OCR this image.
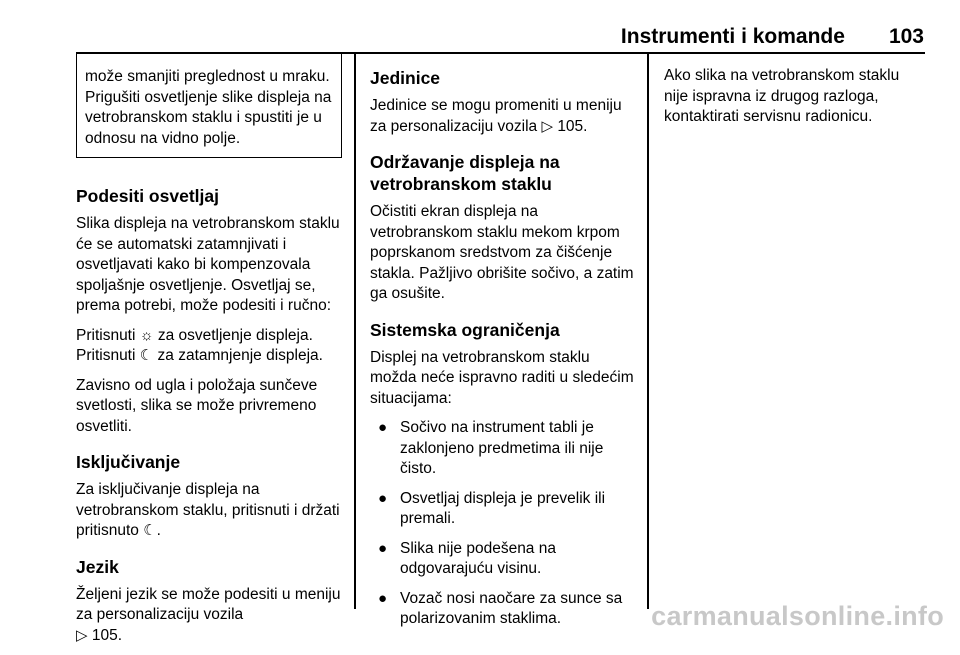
Instrumenti i komande 103
može smanjiti preglednost u mraku. Prigušiti osvetljenje slike displeja na vetrobranskom staklu i spustiti je u odnosu na vidno polje.
Podesiti osvetljaj

Slika displeja na vetrobranskom staklu će se automatski zatamnjivati i osvetljavati kako bi kompenzovala spoljašnje osvetljenje. Osvetljaj se, prema potrebi, može podesiti i ručno:

Pritisnuti ☼ za osvetljenje displeja.
Pritisnuti ☾ za zatamnjenje displeja.

Zavisno od ugla i položaja sunčeve svetlosti, slika se može privremeno osvetliti.

Isključivanje

Za isključivanje displeja na vetrobranskom staklu, pritisnuti i držati pritisnuto ☾.

Jezik

Željeni jezik se može podesiti u meniju za personalizaciju vozila
▷ 105.

Jedinice

Jedinice se mogu promeniti u meniju za personalizaciju vozila ▷ 105.

Održavanje displeja na vetrobranskom staklu

Očistiti ekran displeja na vetrobranskom staklu mekom krpom poprskanom sredstvom za čišćenje stakla. Pažljivo obrišite sočivo, a zatim ga osušite.

Sistemska ograničenja

Displej na vetrobranskom staklu možda neće ispravno raditi u sledećim situacijama:

● Sočivo na instrument tabli je zaklonjeno predmetima ili nije čisto.
● Osvetljaj displeja je prevelik ili premali.
● Slika nije podešena na odgovarajuću visinu.
● Vozač nosi naočare za sunce sa polarizovanim staklima.

Ako slika na vetrobranskom staklu nije ispravna iz drugog razloga, kontaktirati servisnu radionicu.

carmanualsonline.info
